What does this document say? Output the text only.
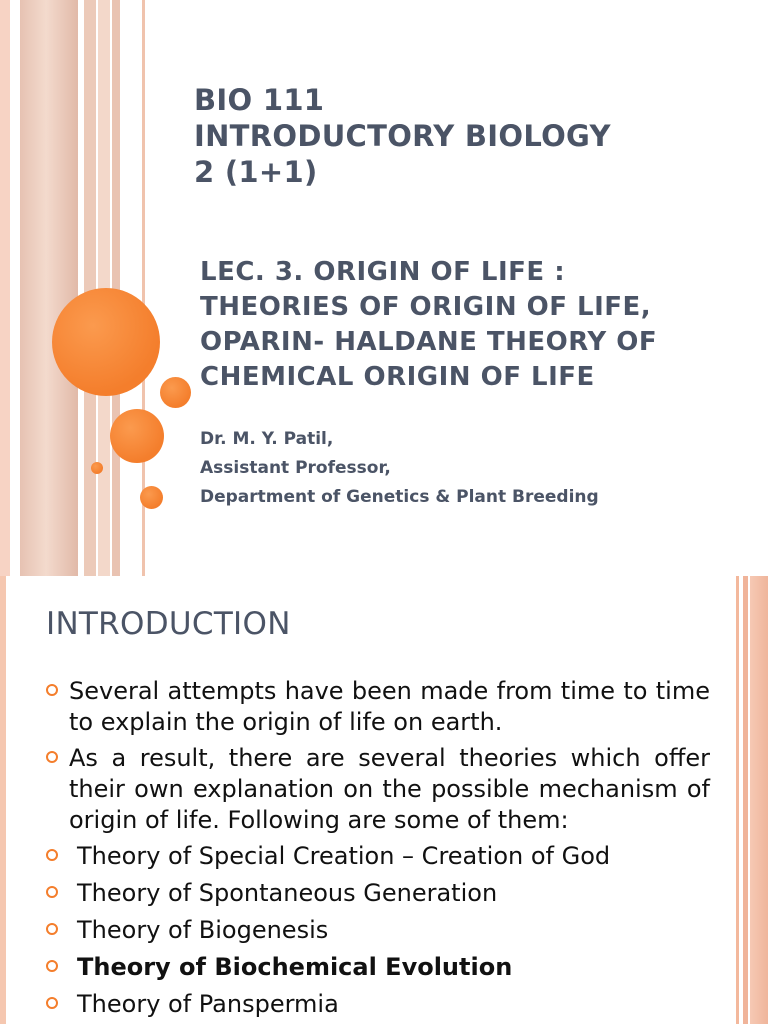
BIO 111
INTRODUCTORY BIOLOGY
2 (1+1)
LEC. 3. ORIGIN OF LIFE :
THEORIES OF ORIGIN OF LIFE,
OPARIN- HALDANE THEORY OF
CHEMICAL ORIGIN OF LIFE
Dr. M. Y. Patil,
Assistant Professor,
Department of Genetics & Plant Breeding
INTRODUCTION
Several attempts have been made from time to time to explain the origin of life on earth.
As a result, there are several theories which offer their own explanation on the possible mechanism of origin of life. Following are some of them:
Theory of Special Creation – Creation of God
Theory of Spontaneous Generation
Theory of Biogenesis
Theory of Biochemical Evolution
Theory of Panspermia
